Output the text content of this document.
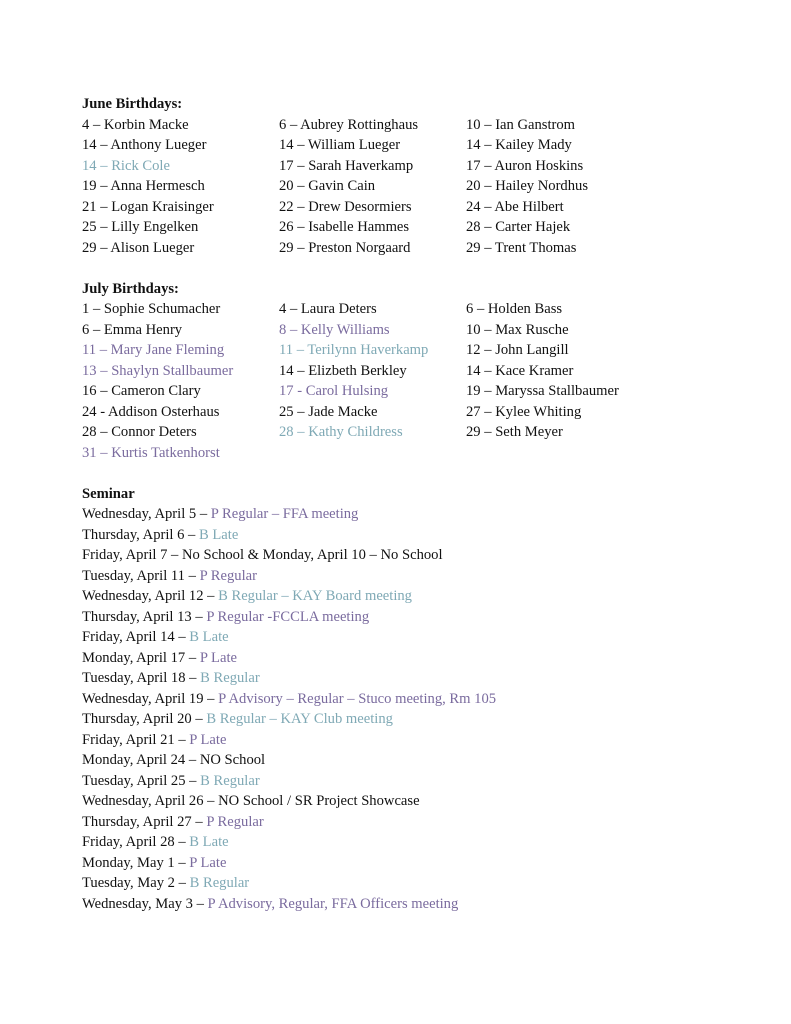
June Birthdays:
4 – Korbin Macke	6 – Aubrey Rottinghaus	10 – Ian Ganstrom
14 – Anthony Lueger	14 – William Lueger	14 – Kailey Mady
14 – Rick Cole	17 – Sarah Haverkamp	17 – Auron Hoskins
19 – Anna Hermesch	20 – Gavin Cain	20 – Hailey Nordhus
21 – Logan Kraisinger	22 – Drew Desormiers	24 – Abe Hilbert
25 – Lilly Engelken	26 – Isabelle Hammes	28 – Carter Hajek
29 – Alison Lueger	29 – Preston Norgaard	29 – Trent Thomas
July Birthdays:
1 – Sophie Schumacher	4 – Laura Deters	6 – Holden Bass
6 – Emma Henry	8 – Kelly Williams	10 – Max Rusche
11 – Mary Jane Fleming	11 – Terilynn Haverkamp	12 – John Langill
13 – Shaylyn Stallbaumer	14 – Elizbeth Berkley	14 – Kace Kramer
16 – Cameron Clary	17 - Carol Hulsing	19 – Maryssa Stallbaumer
24 - Addison Osterhaus	25 – Jade Macke	27 – Kylee Whiting
28 – Connor Deters	28 – Kathy Childress	29 – Seth Meyer
31 – Kurtis Tatkenhorst
Seminar
Wednesday, April 5 – P Regular – FFA meeting
Thursday, April 6 – B Late
Friday, April 7 – No School & Monday, April 10 – No School
Tuesday, April 11 – P Regular
Wednesday, April 12 – B Regular – KAY Board meeting
Thursday, April 13 – P Regular -FCCLA meeting
Friday, April 14 – B Late
Monday, April 17 – P Late
Tuesday, April 18 – B Regular
Wednesday, April 19 – P Advisory – Regular – Stuco meeting, Rm 105
Thursday, April 20 – B Regular – KAY Club meeting
Friday, April 21 – P Late
Monday, April 24 – NO School
Tuesday, April 25 – B Regular
Wednesday, April 26 – NO School / SR Project Showcase
Thursday, April 27 – P Regular
Friday, April 28 – B Late
Monday, May 1 – P Late
Tuesday, May 2 – B Regular
Wednesday, May 3 – P Advisory, Regular, FFA Officers meeting
